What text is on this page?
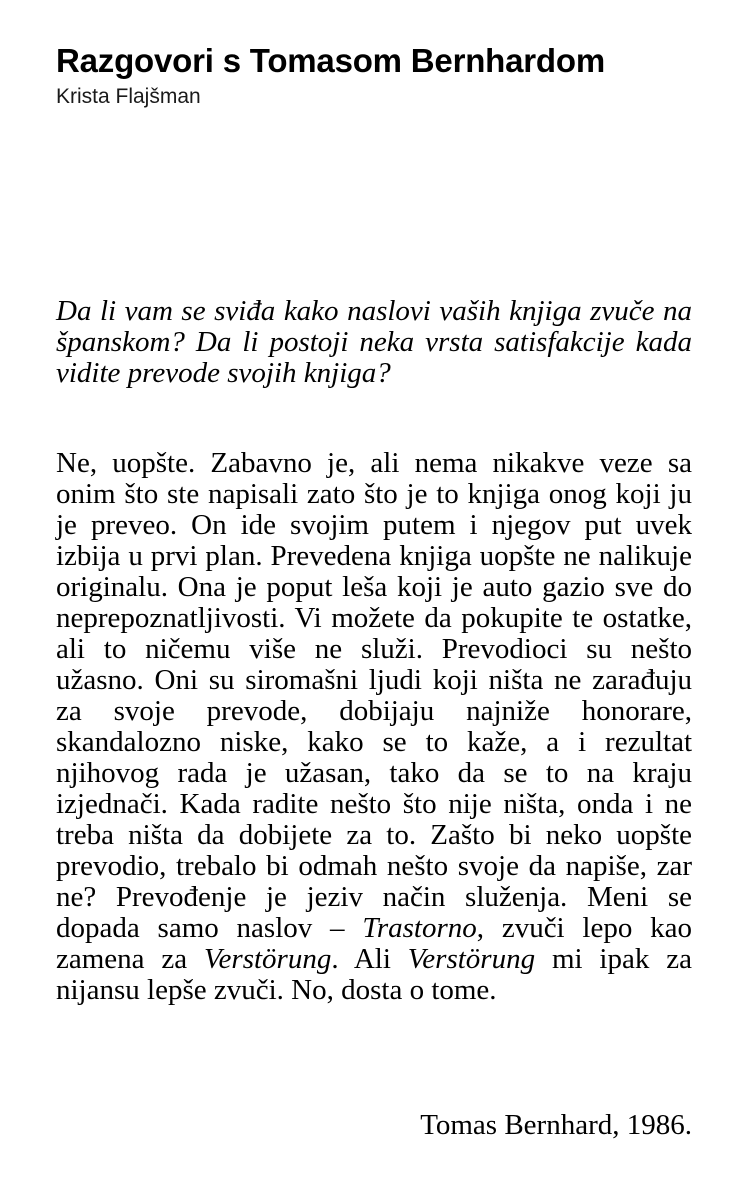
Razgovori s Tomasom Bernhardom

Krista Flajšman

Da li vam se sviđa kako naslovi vaših knjiga zvuče na španskom? Da li postoji neka vrsta satisfakcije kada vidite prevode svojih knjiga?

Ne, uopšte. Zabavno je, ali nema nikakve veze sa onim što ste napisali zato što je to knjiga onog koji ju je preveo. On ide svojim putem i njegov put uvek izbija u prvi plan. Prevedena knjiga uopšte ne nalikuje originalu. Ona je poput leša koji je auto gazio sve do neprepoznatljivosti. Vi možete da pokupite te ostatke, ali to ničemu više ne služi. Prevodioci su nešto užasno. Oni su siromašni ljudi koji ništa ne zarađuju za svoje prevode, dobijaju najniže honorare, skandalozno niske, kako se to kaže, a i rezultat njihovog rada je užasan, tako da se to na kraju izjednači. Kada radite nešto što nije ništa, onda i ne treba ništa da dobijete za to. Zašto bi neko uopšte prevodio, trebalo bi odmah nešto svoje da napiše, zar ne? Prevođenje je jeziv način služenja. Meni se dopada samo naslov – Trastorno, zvuči lepo kao zamena za Verstörung. Ali Verstörung mi ipak za nijansu lepše zvuči. No, dosta o tome.

Tomas Bernhard, 1986.
